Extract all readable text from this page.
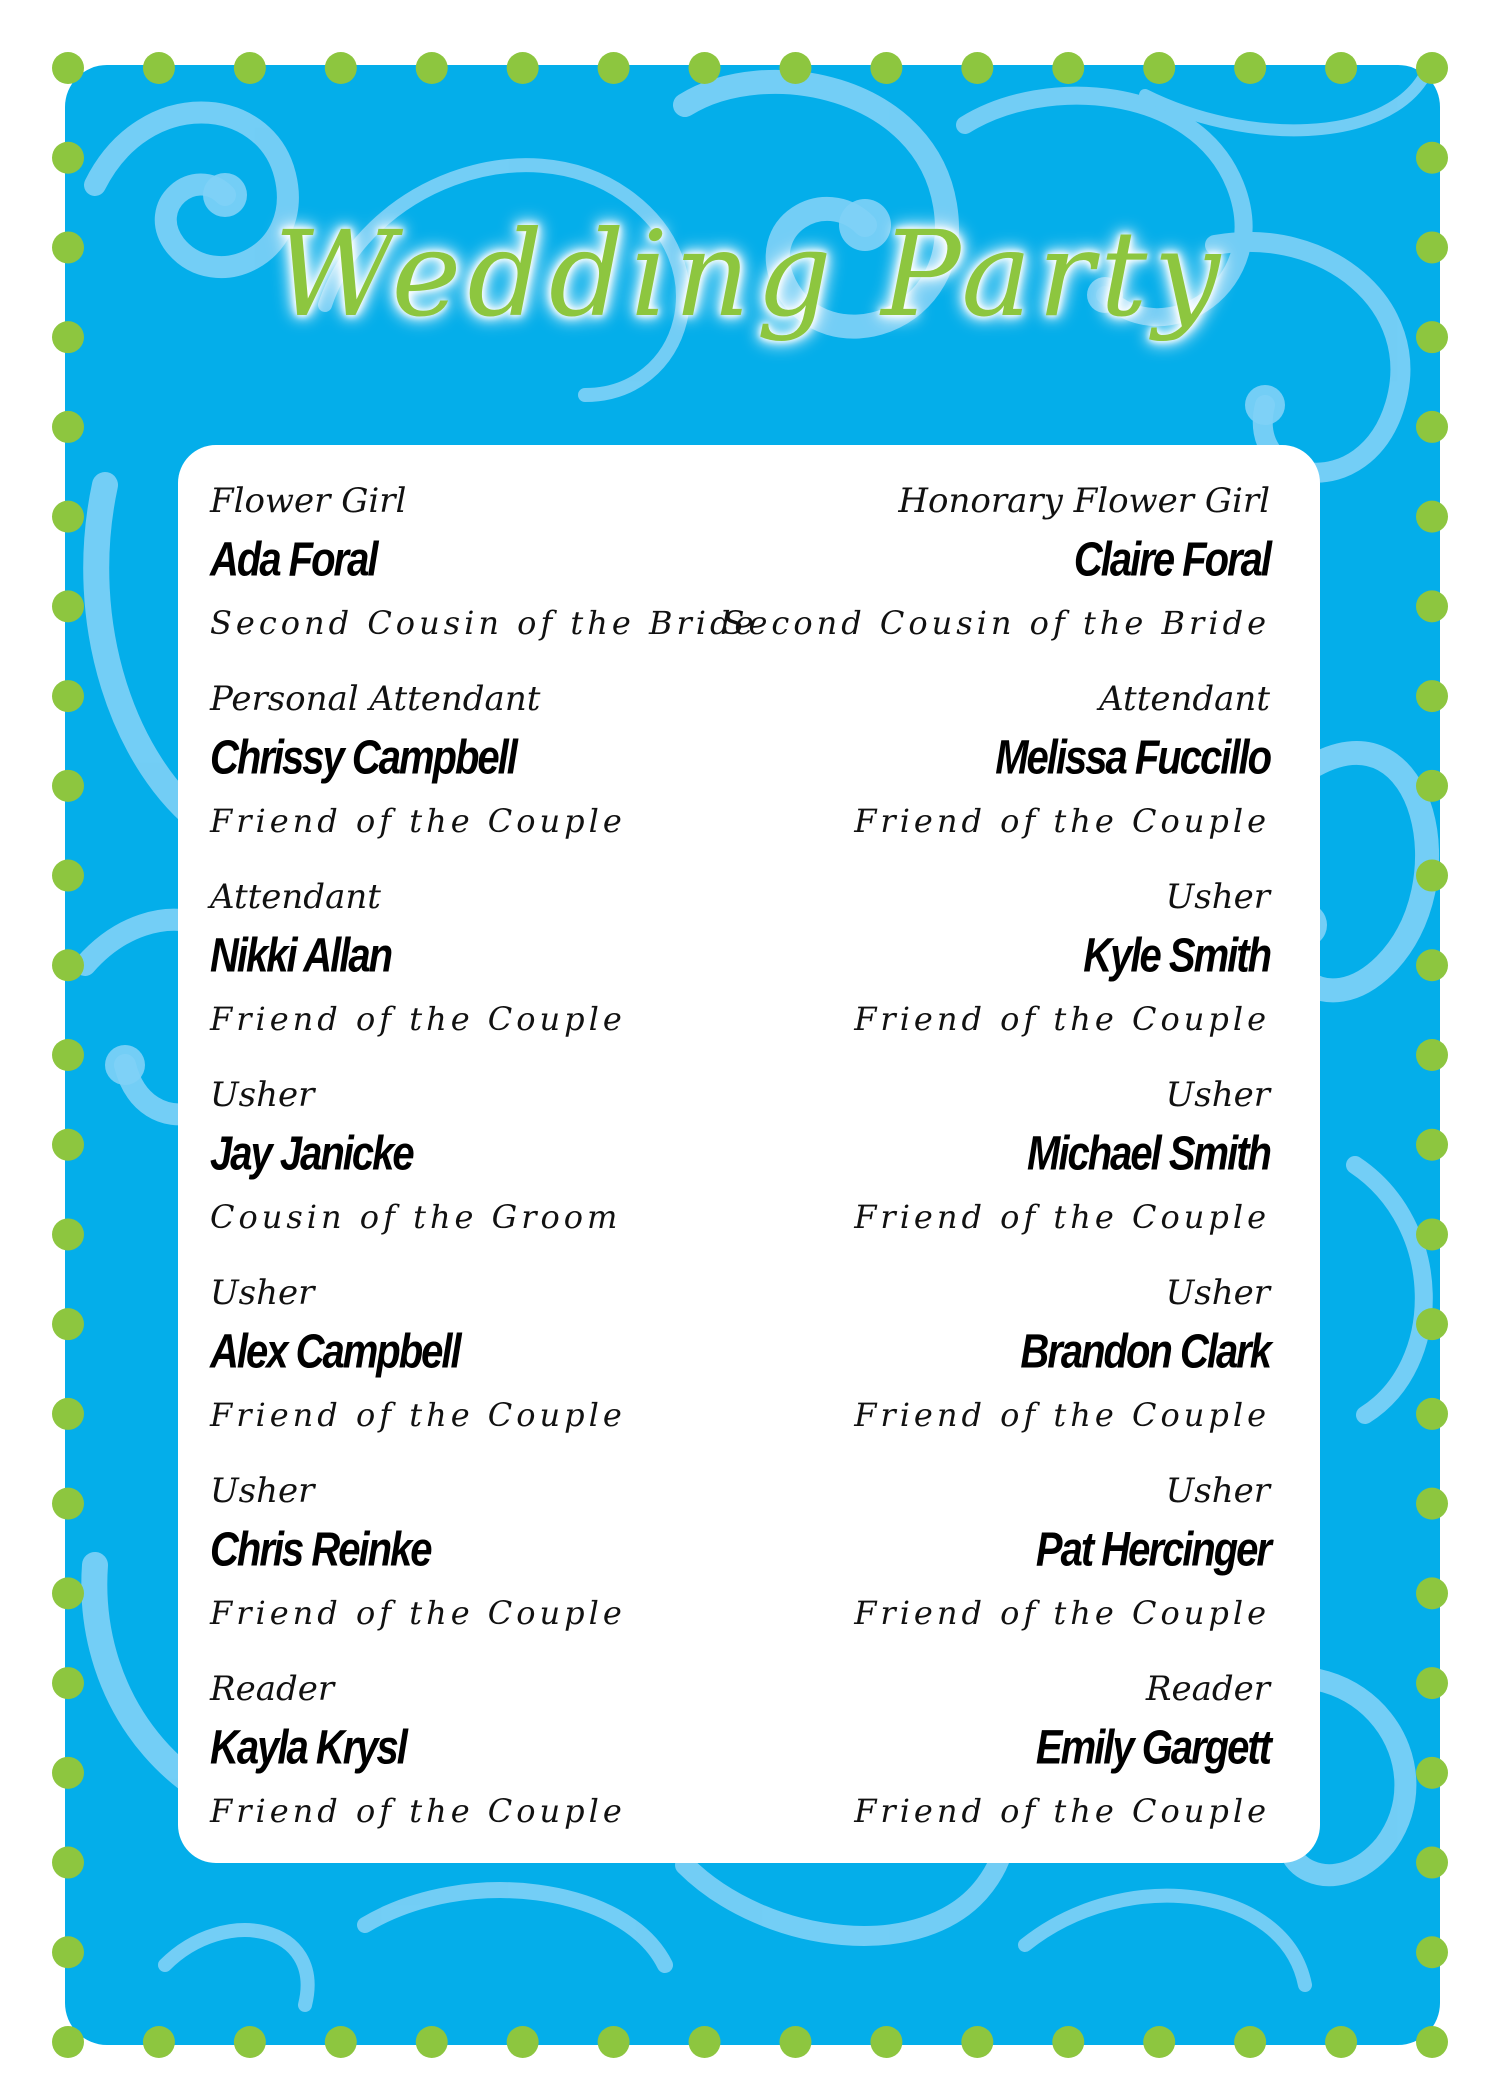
Wedding Party
Flower Girl
Ada Foral
Second Cousin of the Bride
Personal Attendant
Chrissy Campbell
Friend of the Couple
Attendant
Nikki Allan
Friend of the Couple
Usher
Jay Janicke
Cousin of the Groom
Usher
Alex Campbell
Friend of the Couple
Usher
Chris Reinke
Friend of the Couple
Reader
Kayla Krysl
Friend of the Couple
Honorary Flower Girl
Claire Foral
Second Cousin of the Bride
Attendant
Melissa Fuccillo
Friend of the Couple
Usher
Kyle Smith
Friend of the Couple
Usher
Michael Smith
Friend of the Couple
Usher
Brandon Clark
Friend of the Couple
Usher
Pat Hercinger
Friend of the Couple
Reader
Emily Gargett
Friend of the Couple
